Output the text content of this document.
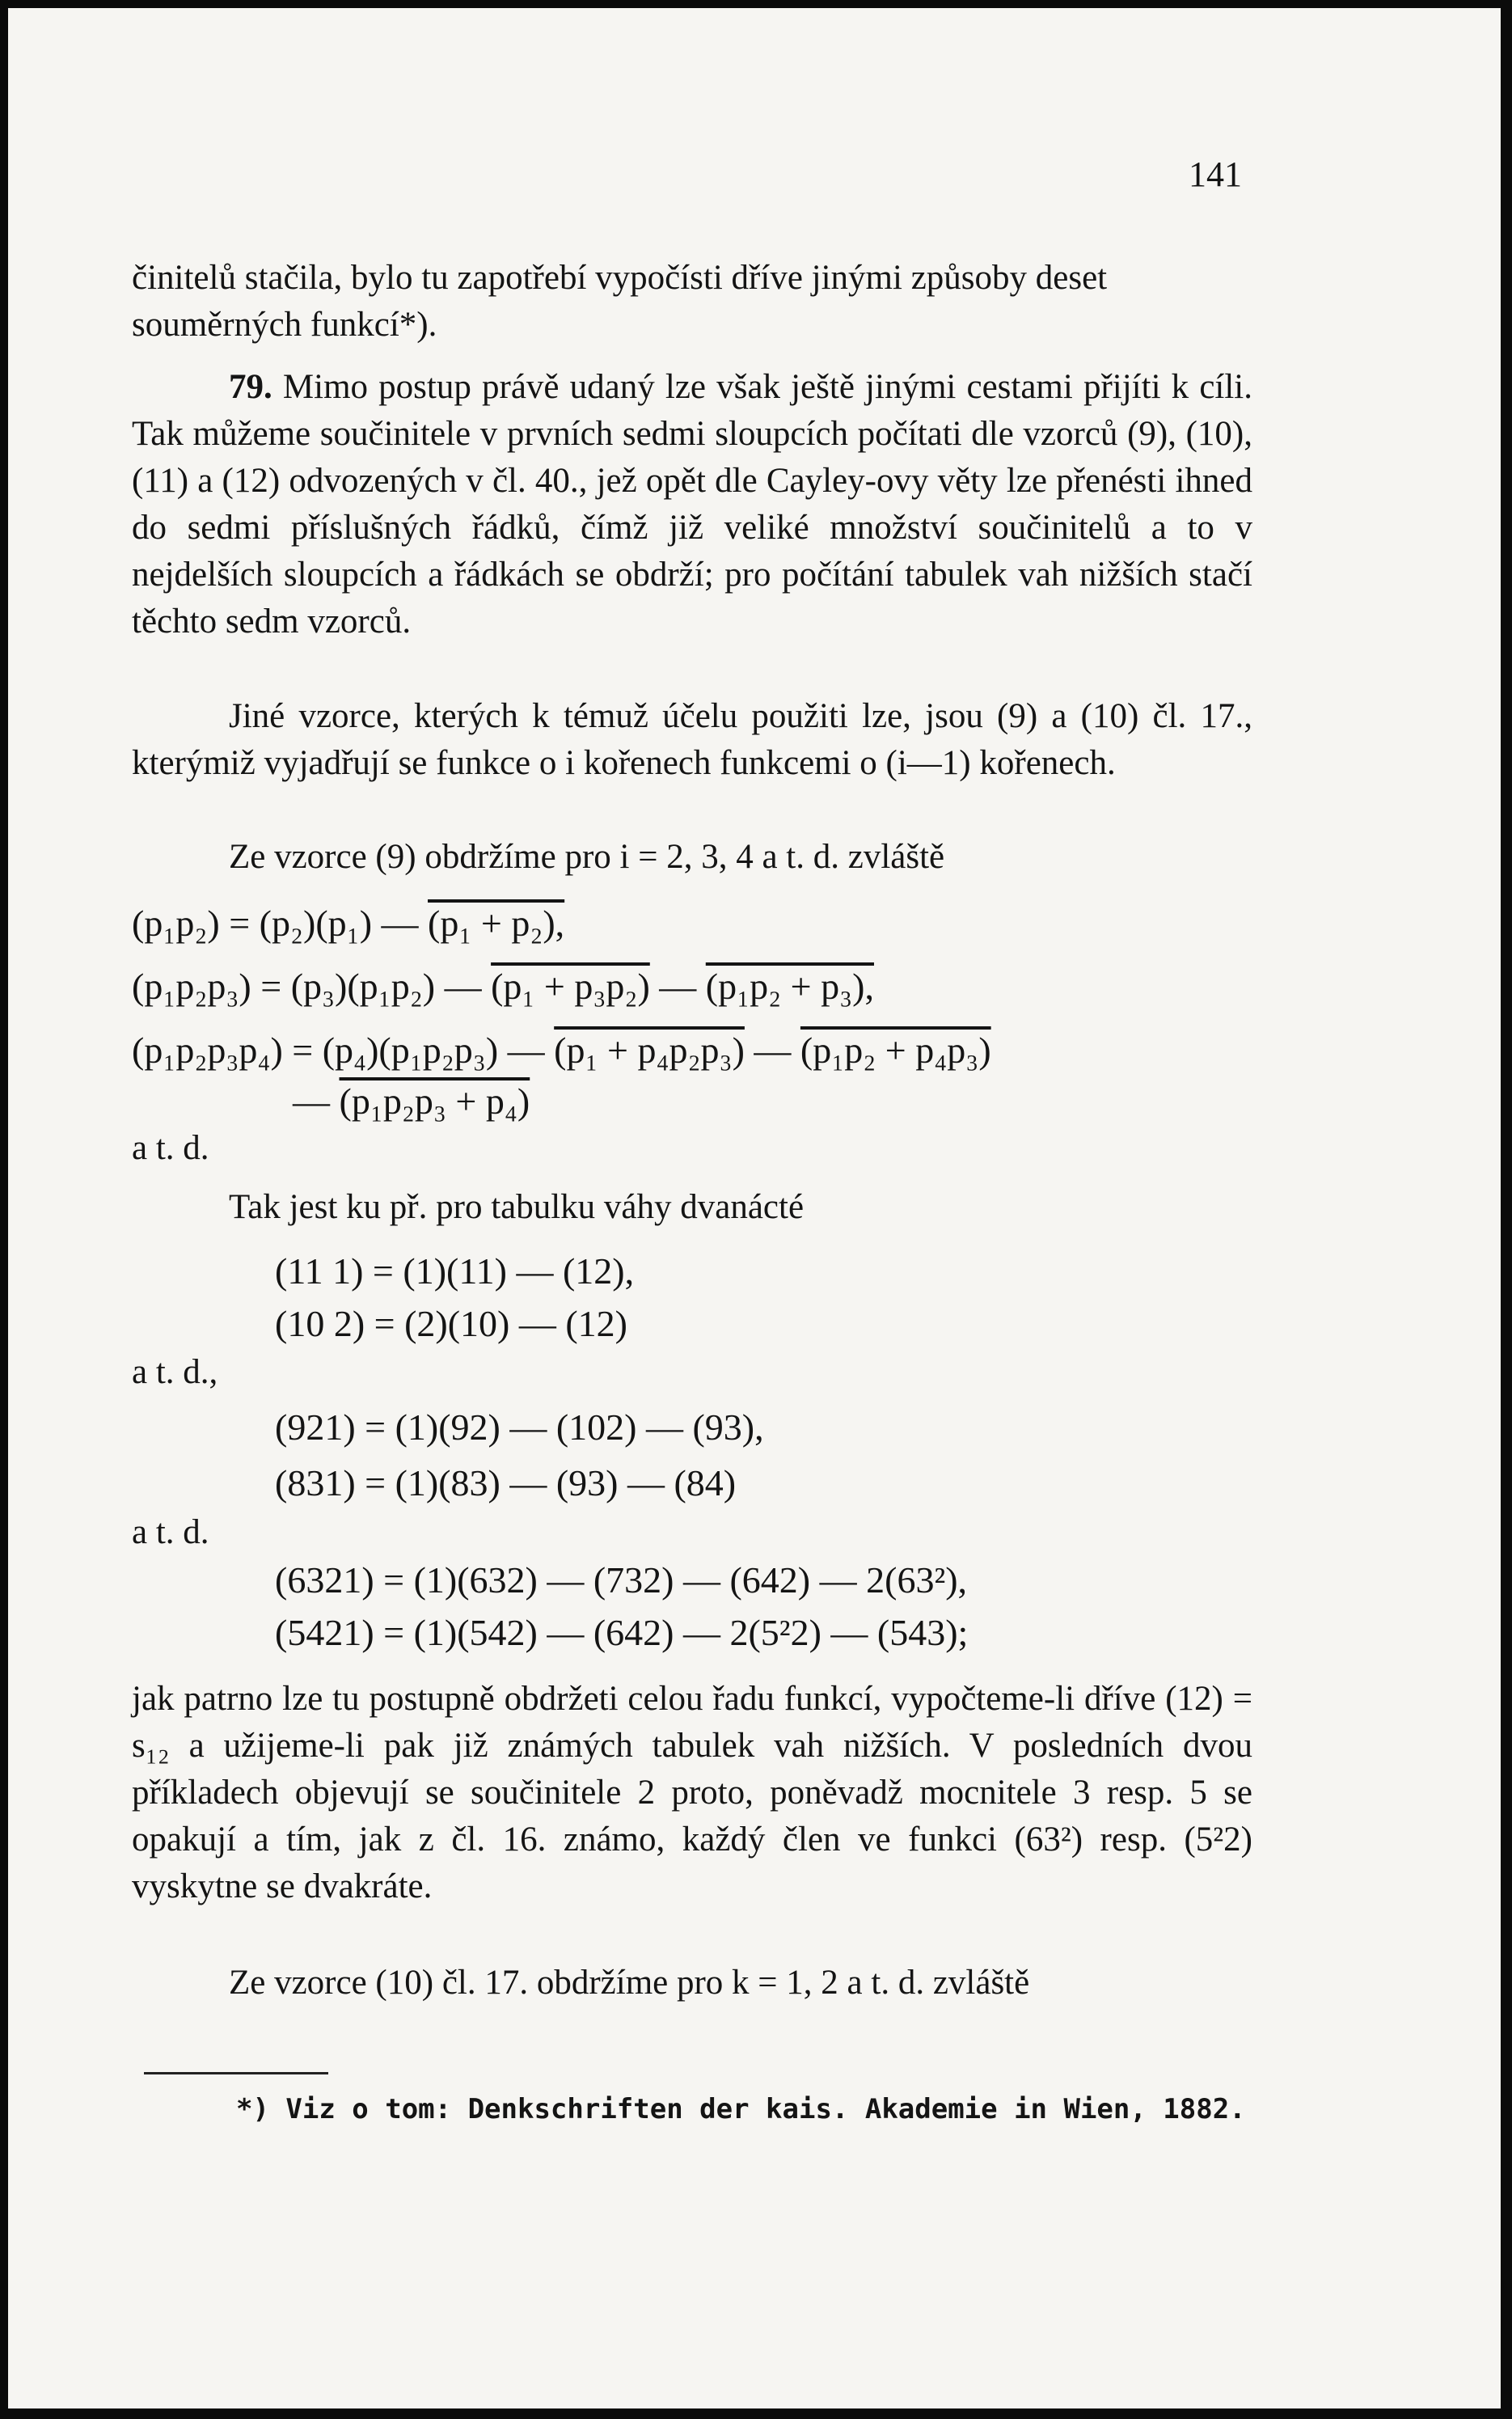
141

činitelů stačila, bylo tu zapotřebí vypočísti dříve jinými způsoby deset souměrných funkcí*).

79. Mimo postup právě udaný lze však ještě jinými cestami přijíti k cíli. Tak můžeme součinitele v prvních sedmi sloupcích počítati dle vzorců (9), (10), (11) a (12) odvozených v čl. 40., jež opět dle Cayley-ovy věty lze přenésti ihned do sedmi příslušných řádků, čímž již veliké množství součinitelů a to v nejdelších sloupcích a řádkách se obdrží; pro počítání tabulek vah nižších stačí těchto sedm vzorců.

Jiné vzorce, kterých k témuž účelu použiti lze, jsou (9) a (10) čl. 17., kterýmiž vyjadřují se funkce o i kořenech funkcemi o (i—1) kořenech.

Ze vzorce (9) obdržíme pro i = 2, 3, 4 a t. d. zvláště

(p₁p₂) = (p₂)(p₁) — (p₁ + p₂),
(p₁p₂p₃) = (p₃)(p₁p₂) — (p₁ + p₃p₂) — (p₁p₂ + p₃),
(p₁p₂p₃p₄) = (p₄)(p₁p₂p₃) — (p₁ + p₄p₂p₃) — (p₁p₂ + p₄p₃)
— (p₁p₂p₃ + p₄)
a t. d.

Tak jest ku př. pro tabulku váhy dvanácté

(11 1) = (1)(11) — (12),
(10 2) = (2)(10) — (12)
a t. d.,
(921) = (1)(92) — (102) — (93),
(831) = (1)(83) — (93) — (84)
a t. d.
(6321) = (1)(632) — (732) — (642) — 2(63²),
(5421) = (1)(542) — (642) — 2(5²2) — (543);

jak patrno lze tu postupně obdržeti celou řadu funkcí, vypočteme-li dříve (12) = s₁₂ a užijeme-li pak již známých tabulek vah nižších. V posledních dvou příkladech objevují se součinitele 2 proto, poněvadž mocnitele 3 resp. 5 se opakují a tím, jak z čl. 16. známo, každý člen ve funkci (63²) resp. (5²2) vyskytne se dvakráte.

Ze vzorce (10) čl. 17. obdržíme pro k = 1, 2 a t. d. zvláště

*) Viz o tom: Denkschriften der kais. Akademie in Wien, 1882.
